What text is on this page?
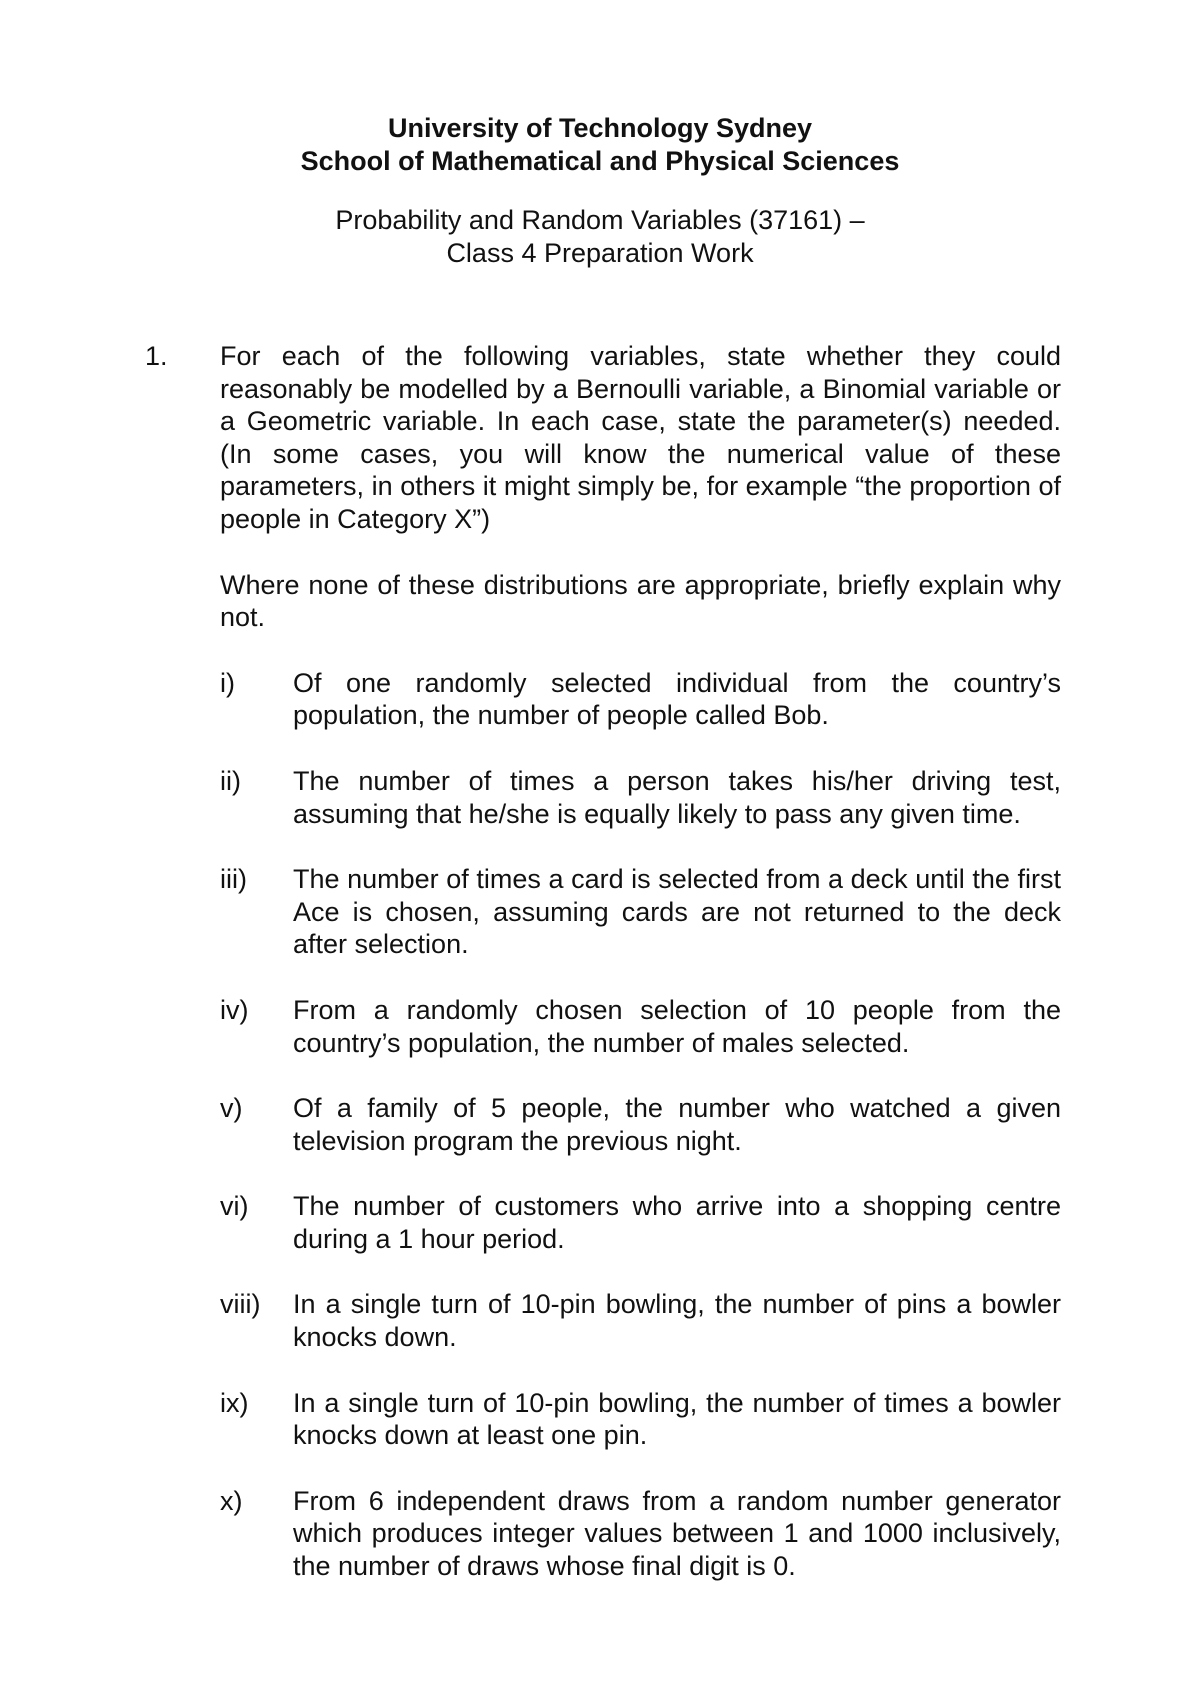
University of Technology Sydney
School of Mathematical and Physical Sciences
Probability and Random Variables (37161) –
Class 4 Preparation Work
1. For each of the following variables, state whether they could reasonably be modelled by a Bernoulli variable, a Binomial variable or a Geometric variable. In each case, state the parameter(s) needed. (In some cases, you will know the numerical value of these parameters, in others it might simply be, for example “the proportion of people in Category X”)

Where none of these distributions are appropriate, briefly explain why not.

i) Of one randomly selected individual from the country’s population, the number of people called Bob.
ii) The number of times a person takes his/her driving test, assuming that he/she is equally likely to pass any given time.
iii) The number of times a card is selected from a deck until the first Ace is chosen, assuming cards are not returned to the deck after selection.
iv) From a randomly chosen selection of 10 people from the country’s population, the number of males selected.
v) Of a family of 5 people, the number who watched a given television program the previous night.
vi) The number of customers who arrive into a shopping centre during a 1 hour period.
viii) In a single turn of 10-pin bowling, the number of pins a bowler knocks down.
ix) In a single turn of 10-pin bowling, the number of times a bowler knocks down at least one pin.
x) From 6 independent draws from a random number generator which produces integer values between 1 and 1000 inclusively, the number of draws whose final digit is 0.
